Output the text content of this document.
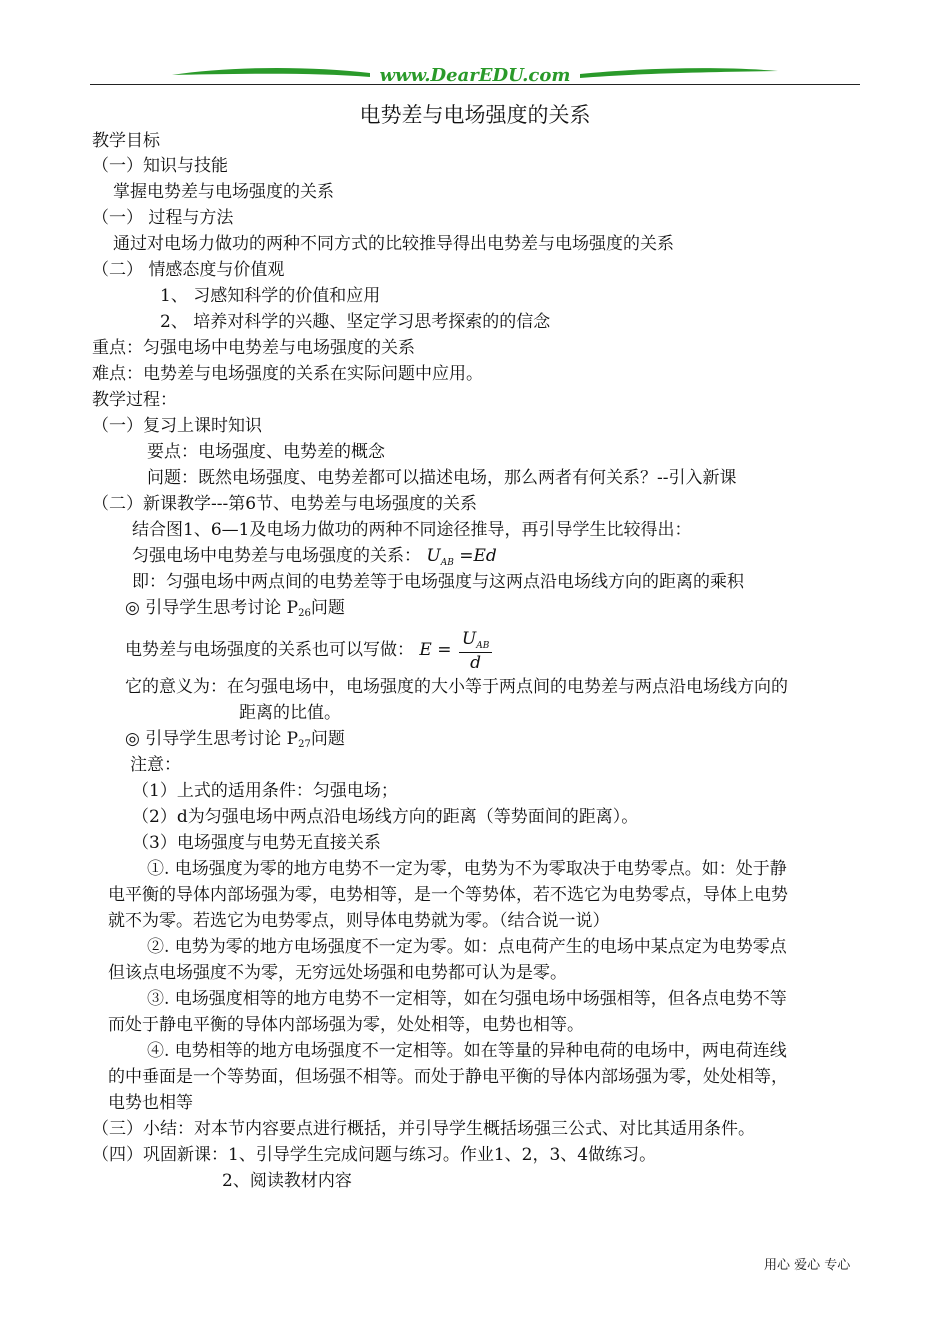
www.DearEDU.com
电势差与电场强度的关系
教学目标
（一）知识与技能
掌握电势差与电场强度的关系
（一） 过程与方法
通过对电场力做功的两种不同方式的比较推导得出电势差与电场强度的关系
（二） 情感态度与价值观
1、 习感知科学的价值和应用
2、 培养对科学的兴趣、坚定学习思考探索的的信念
重点：匀强电场中电势差与电场强度的关系
难点：电势差与电场强度的关系在实际问题中应用。
教学过程：
（一）复习上课时知识
要点：电场强度、电势差的概念
问题：既然电场强度、电势差都可以描述电场，那么两者有何关系？--引入新课
（二）新课教学---第6节、电势差与电场强度的关系
结合图1、6—1及电场力做功的两种不同途径推导，再引导学生比较得出：
匀强电场中电势差与电场强度的关系： $U_{AB} =Ed$
即：匀强电场中两点间的电势差等于电场强度与这两点沿电场线方向的距离的乘积
◎ 引导学生思考讨论 P26问题
电势差与电场强度的关系也可以写做： $E = \frac{U_{AB}}{d}$
它的意义为：在匀强电场中，电场强度的大小等于两点间的电势差与两点沿电场线方向的
距离的比值。
◎ 引导学生思考讨论 P27问题
注意：
（1）上式的适用条件：匀强电场；
（2）d为匀强电场中两点沿电场线方向的距离（等势面间的距离）。
（3）电场强度与电势无直接关系
①. 电场强度为零的地方电势不一定为零，电势为不为零取决于电势零点。如：处于静
电平衡的导体内部场强为零，电势相等，是一个等势体，若不选它为电势零点，导体上电势
就不为零。若选它为电势零点，则导体电势就为零。（结合说一说）
②. 电势为零的地方电场强度不一定为零。如：点电荷产生的电场中某点定为电势零点
但该点电场强度不为零，无穷远处场强和电势都可认为是零。
③. 电场强度相等的地方电势不一定相等，如在匀强电场中场强相等，但各点电势不等
而处于静电平衡的导体内部场强为零，处处相等，电势也相等。
④. 电势相等的地方电场强度不一定相等。如在等量的异种电荷的电场中，两电荷连线
的中垂面是一个等势面，但场强不相等。而处于静电平衡的导体内部场强为零，处处相等，
电势也相等
（三）小结：对本节内容要点进行概括，并引导学生概括场强三公式、对比其适用条件。
（四）巩固新课：1、引导学生完成问题与练习。作业1、2，3、4做练习。
2、阅读教材内容
用心 爱心 专心
